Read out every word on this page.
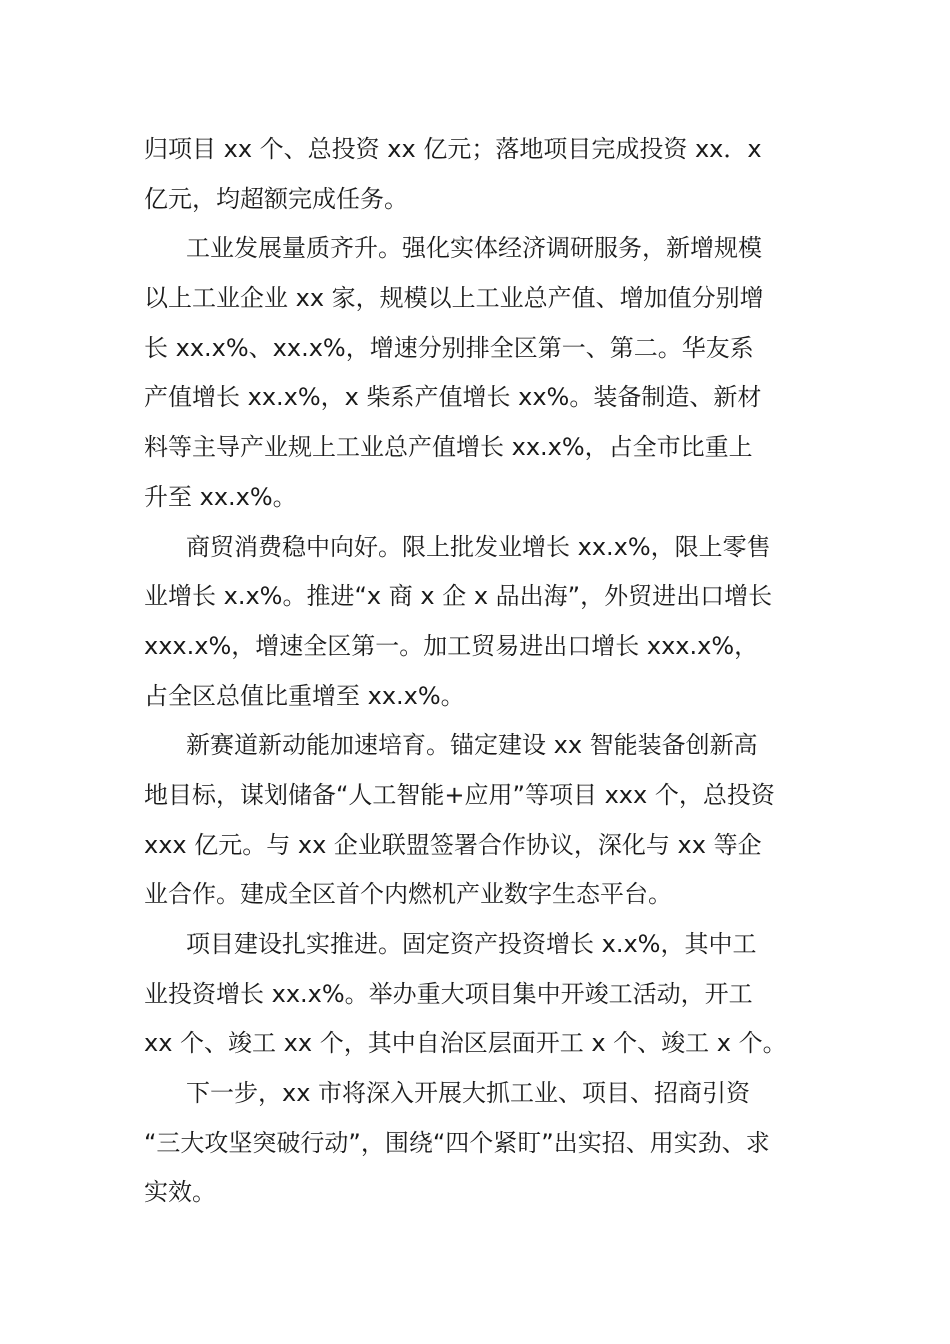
归项目 xx 个、总投资 xx 亿元；落地项目完成投资 xx．x
亿元，均超额完成任务。

工业发展量质齐升。强化实体经济调研服务，新增规模
以上工业企业 xx 家，规模以上工业总产值、增加值分别增
长 xx.x%、xx.x%，增速分别排全区第一、第二。华友系
产值增长 xx.x%，x 柴系产值增长 xx%。装备制造、新材
料等主导产业规上工业总产值增长 xx.x%，占全市比重上
升至 xx.x%。

商贸消费稳中向好。限上批发业增长 xx.x%，限上零售
业增长 x.x%。推进“x 商 x 企 x 品出海”，外贸进出口增长
xxx.x%，增速全区第一。加工贸易进出口增长 xxx.x%，
占全区总值比重增至 xx.x%。

新赛道新动能加速培育。锚定建设 xx 智能装备创新高
地目标，谋划储备“人工智能+应用”等项目 xxx 个，总投资
xxx 亿元。与 xx 企业联盟签署合作协议，深化与 xx 等企
业合作。建成全区首个内燃机产业数字生态平台。

项目建设扎实推进。固定资产投资增长 x.x%，其中工
业投资增长 xx.x%。举办重大项目集中开竣工活动，开工
xx 个、竣工 xx 个，其中自治区层面开工 x 个、竣工 x 个。

下一步，xx 市将深入开展大抓工业、项目、招商引资
“三大攻坚突破行动”，围绕“四个紧盯”出实招、用实劲、求
实效。
